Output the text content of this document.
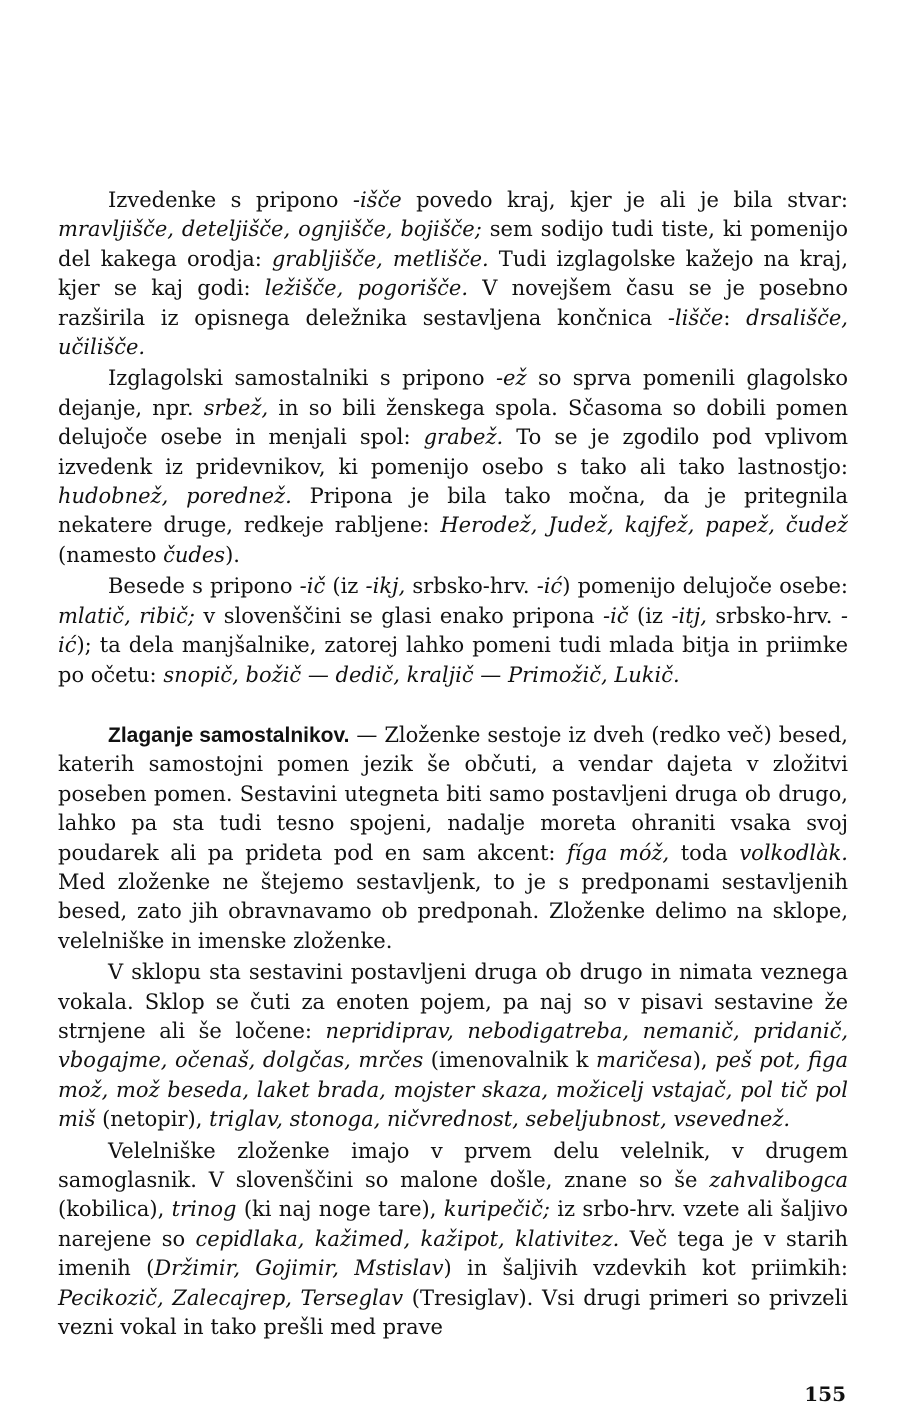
Izvedenke s pripono -išče povedo kraj, kjer je ali je bila stvar: mravljišče, deteljišče, ognjišče, bojišče; sem sodijo tudi tiste, ki pomenijo del kakega orodja: grabljišče, metlišče. Tudi izglagolske kažejo na kraj, kjer se kaj godi: ležišče, pogorišče. V novejšem času se je posebno razširila iz opisnega deležnika sestavljena končnica -lišče: drsališče, učilišče.

Izglagolski samostalniki s pripono -ež so sprva pomenili glagolsko dejanje, npr. srbež, in so bili ženskega spola. Sčasoma so dobili pomen delujoče osebe in menjali spol: grabež. To se je zgodilo pod vplivom izvedenk iz pridevnikov, ki pomenijo osebo s tako ali tako lastnostjo: hudobnež, porednež. Pripona je bila tako močna, da je pritegnila nekatere druge, redkeje rabljene: Herodež, Judež, kajfež, papež, čudež (namesto čudes).

Besede s pripono -ič (iz -ikj, srbsko-hrv. -ić) pomenijo delujoče osebe: mlatič, ribič; v slovenščini se glasi enako pripona -ič (iz -itj, srbsko-hrv. -ić); ta dela manjšalnike, zatorej lahko pomeni tudi mlada bitja in priimke po očetu: snopič, božič — dedič, kraljič — Primožič, Lukič.

Zlaganje samostalnikov. — Zloženke sestoje iz dveh (redko več) besed, katerih samostojni pomen jezik še občuti, a vendar dajeta v zložitvi poseben pomen. Sestavini utegneta biti samo postavljeni druga ob drugo, lahko pa sta tudi tesno spojeni, nadalje moreta ohraniti vsaka svoj poudarek ali pa prideta pod en sam akcent: fíga móž, toda volkodlàk. Med zloženke ne štejemo sestavljenk, to je s predponami sestavljenih besed, zato jih obravnavamo ob predponah. Zloženke delimo na sklope, velelniške in imenske zloženke.

V sklopu sta sestavini postavljeni druga ob drugo in nimata veznega vokala. Sklop se čuti za enoten pojem, pa naj so v pisavi sestavine že strnjene ali še ločene: nepridiprav, nebodigatreba, nemanič, pridanič, vbogajme, očenaš, dolgčas, mrčes (imenovalnik k maričesa), peš pot, figa mož, mož beseda, laket brada, mojster skaza, možicelj vstajač, pol tič pol miš (netopir), triglav, stonoga, ničvrednost, sebeljubnost, vsevednež.

Velelniške zloženke imajo v prvem delu velelnik, v drugem samoglasnik. V slovenščini so malone došle, znane so še zahvalibogca (kobilica), trinog (ki naj noge tare), kuripečič; iz srbo-hrv. vzete ali šaljivo narejene so cepidlaka, kažimed, kažipot, klativitez. Več tega je v starih imenih (Držimir, Gojimir, Mstislav) in šaljivih vzdevkih kot priimkih: Pecikozič, Zalecajrep, Terseglav (Tresiglav). Vsi drugi primeri so privzeli vezni vokal in tako prešli med prave

155
